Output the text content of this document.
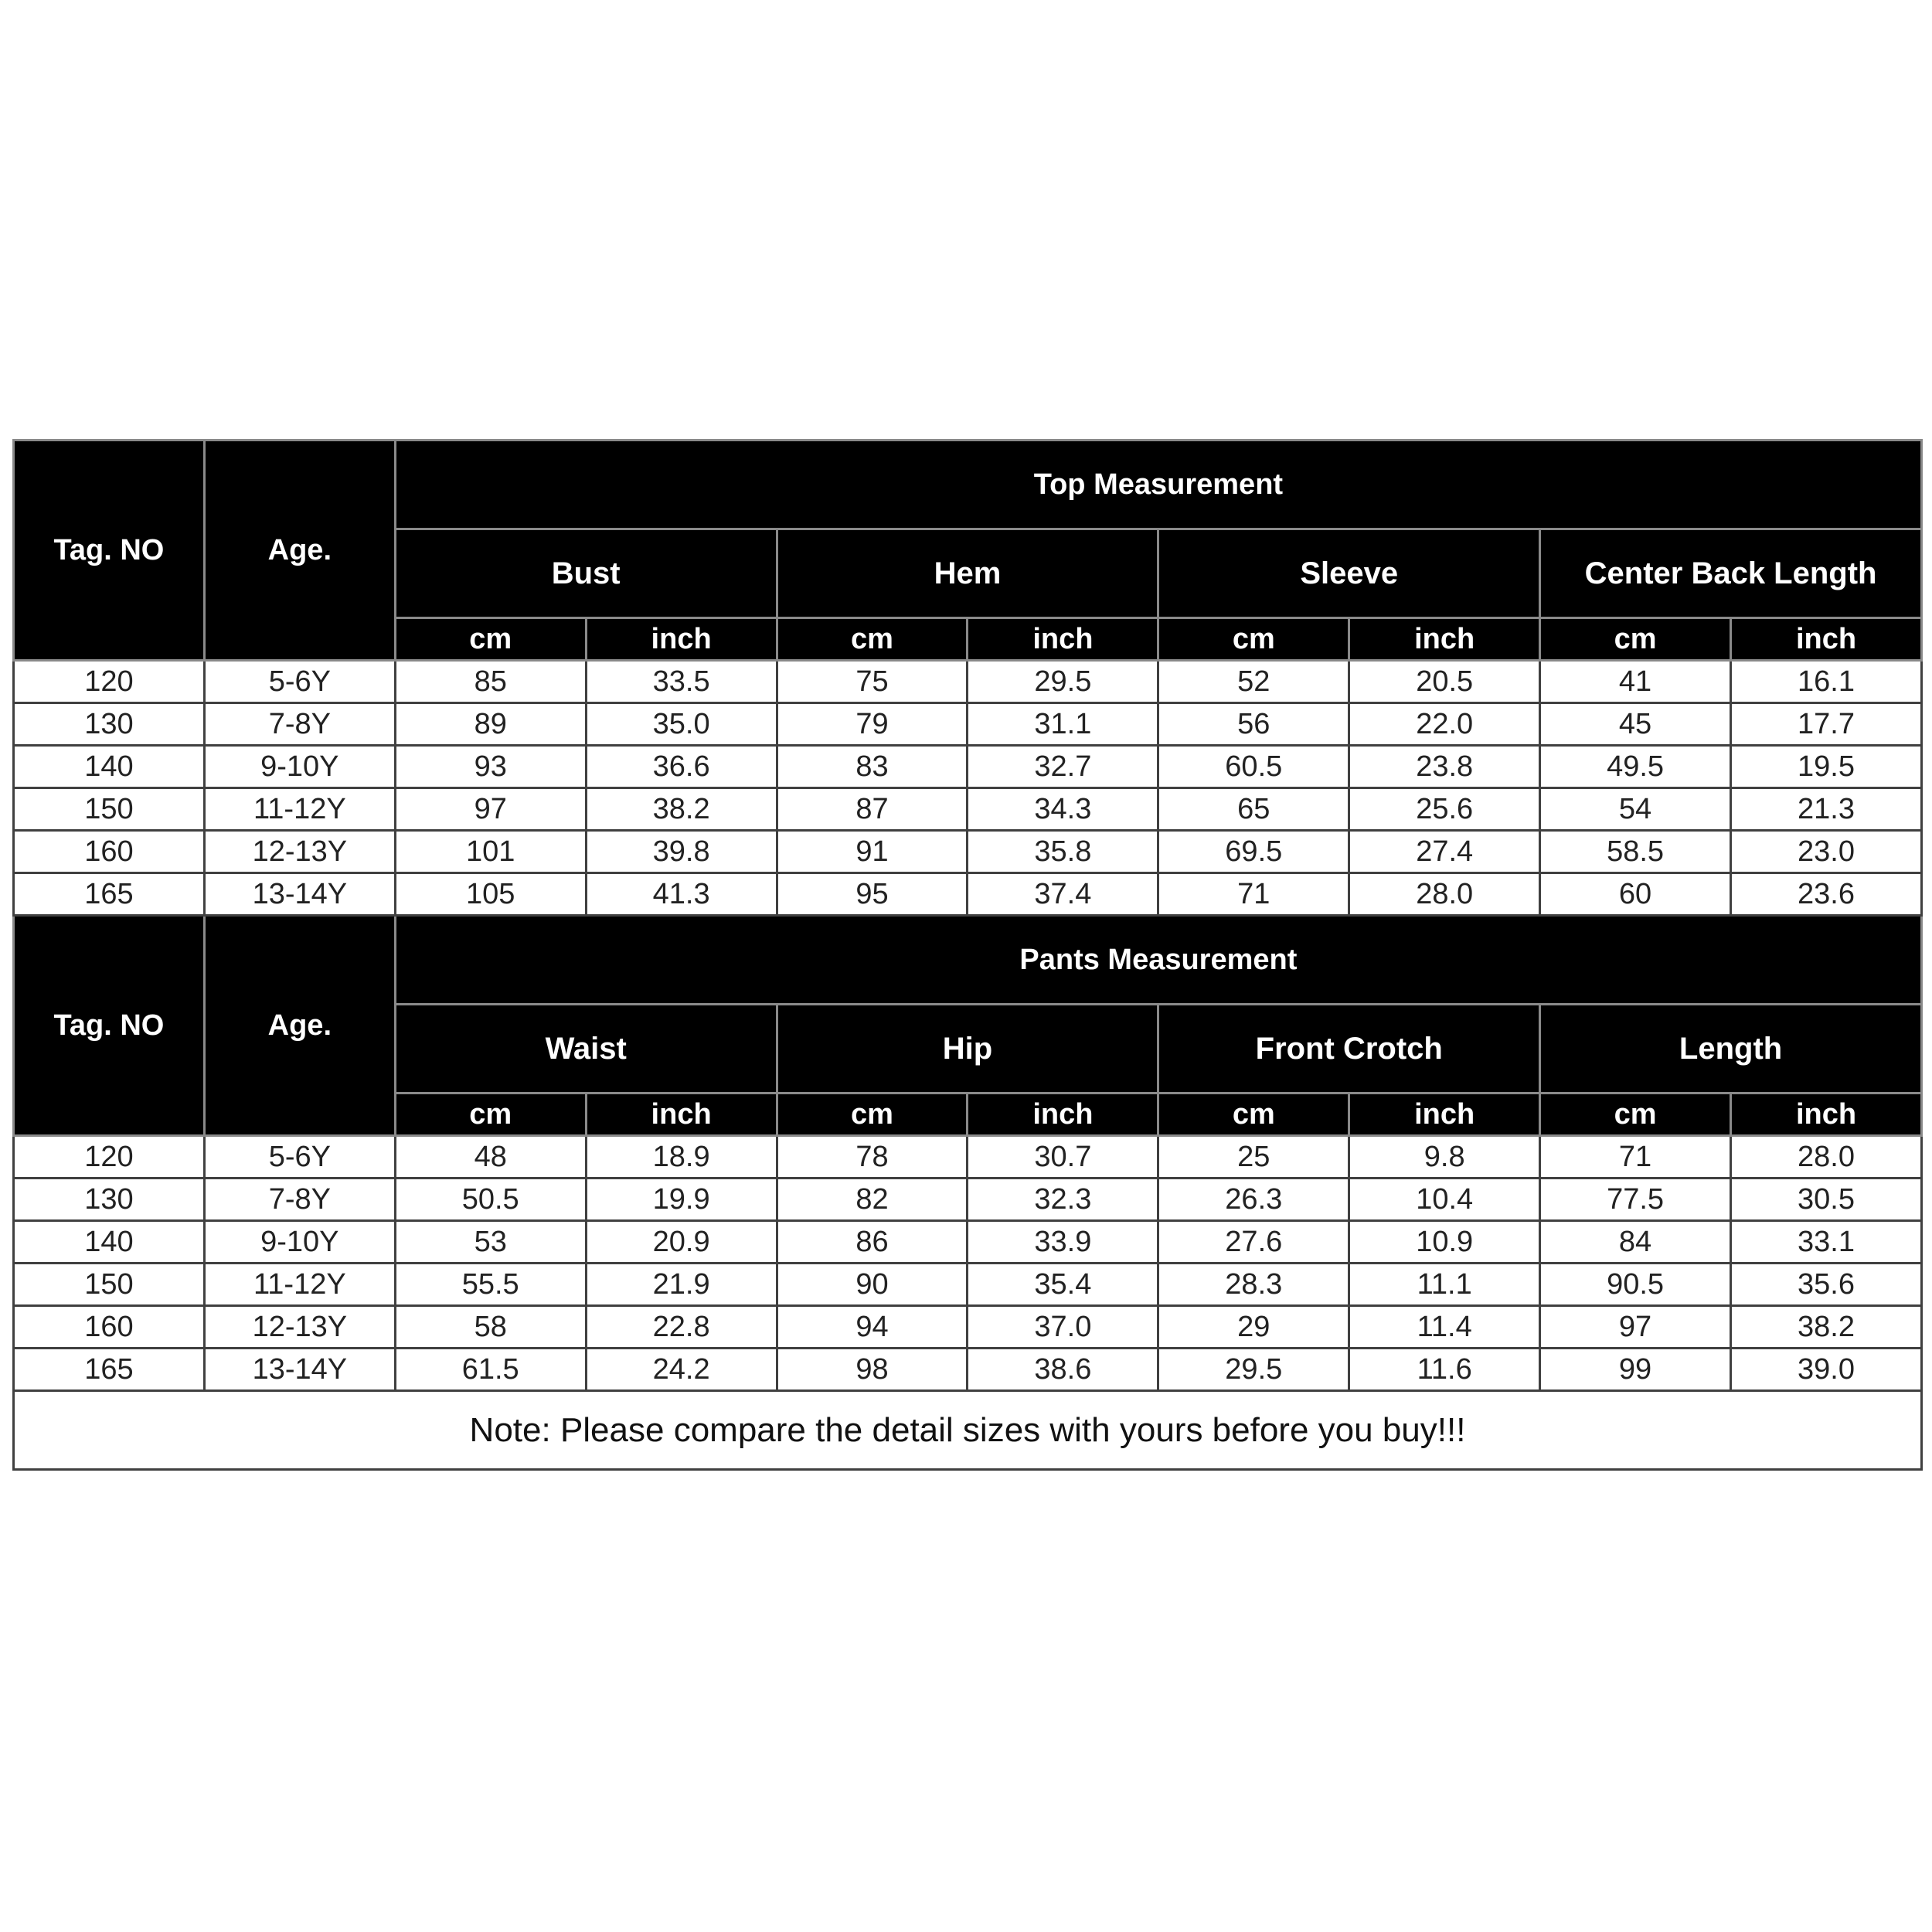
Tag. NO	Age.	Top Measurement							
		Bust		Hem		Sleeve		Center Back Length	
		cm	inch	cm	inch	cm	inch	cm	inch
120	5-6Y	85	33.5	75	29.5	52	20.5	41	16.1
130	7-8Y	89	35.0	79	31.1	56	22.0	45	17.7
140	9-10Y	93	36.6	83	32.7	60.5	23.8	49.5	19.5
150	11-12Y	97	38.2	87	34.3	65	25.6	54	21.3
160	12-13Y	101	39.8	91	35.8	69.5	27.4	58.5	23.0
165	13-14Y	105	41.3	95	37.4	71	28.0	60	23.6
Tag. NO	Age.	Pants Measurement							
		Waist		Hip		Front Crotch		Length	
		cm	inch	cm	inch	cm	inch	cm	inch
120	5-6Y	48	18.9	78	30.7	25	9.8	71	28.0
130	7-8Y	50.5	19.9	82	32.3	26.3	10.4	77.5	30.5
140	9-10Y	53	20.9	86	33.9	27.6	10.9	84	33.1
150	11-12Y	55.5	21.9	90	35.4	28.3	11.1	90.5	35.6
160	12-13Y	58	22.8	94	37.0	29	11.4	97	38.2
165	13-14Y	61.5	24.2	98	38.6	29.5	11.6	99	39.0
Note: Please compare the detail sizes with yours before you buy!!!									
